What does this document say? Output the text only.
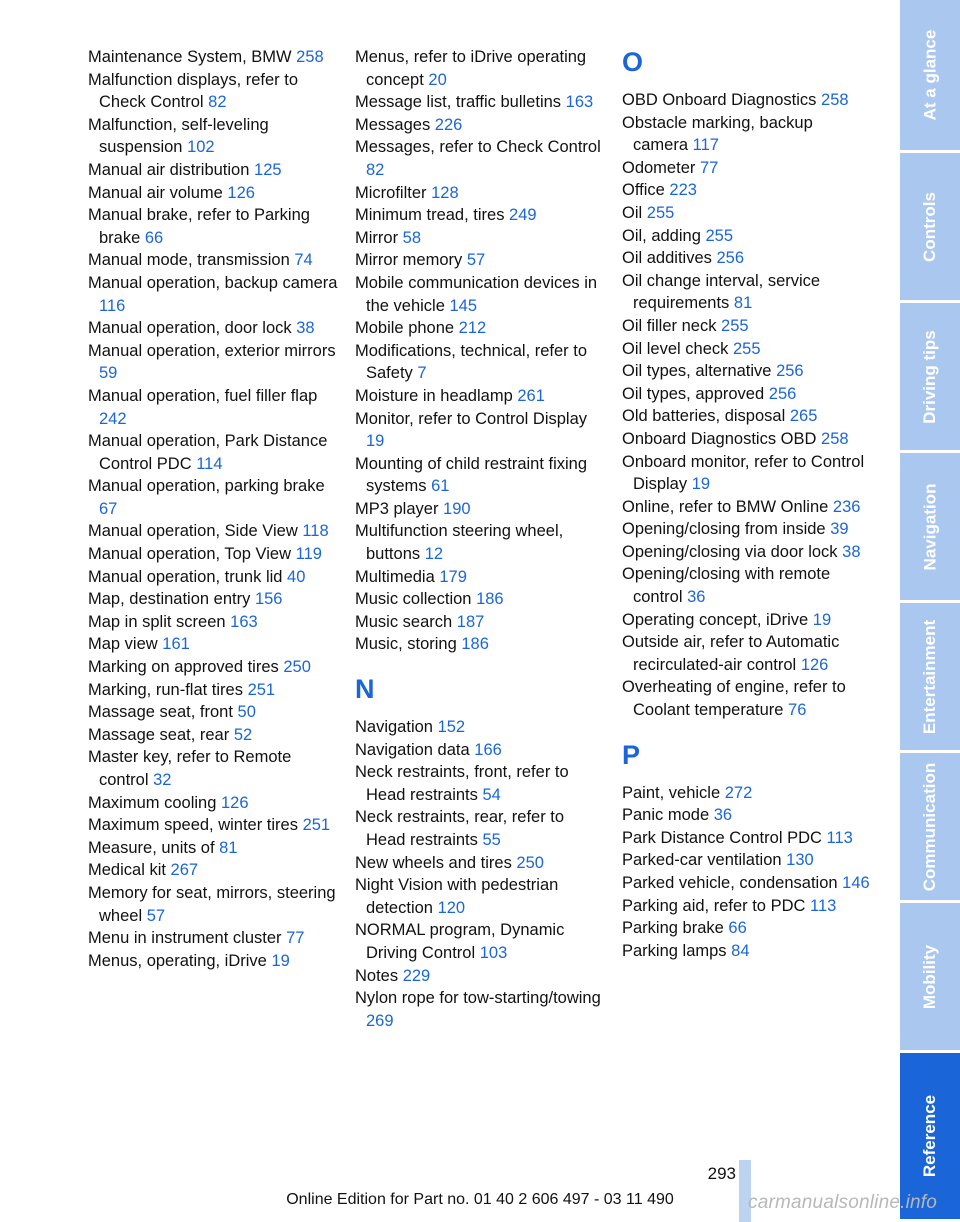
Maintenance System, BMW 258
Malfunction displays, refer to Check Control 82
Malfunction, self-leveling suspension 102
Manual air distribution 125
Manual air volume 126
Manual brake, refer to Parking brake 66
Manual mode, transmission 74
Manual operation, backup camera 116
Manual operation, door lock 38
Manual operation, exterior mirrors 59
Manual operation, fuel filler flap 242
Manual operation, Park Distance Control PDC 114
Manual operation, parking brake 67
Manual operation, Side View 118
Manual operation, Top View 119
Manual operation, trunk lid 40
Map, destination entry 156
Map in split screen 163
Map view 161
Marking on approved tires 250
Marking, run-flat tires 251
Massage seat, front 50
Massage seat, rear 52
Master key, refer to Remote control 32
Maximum cooling 126
Maximum speed, winter tires 251
Measure, units of 81
Medical kit 267
Memory for seat, mirrors, steering wheel 57
Menu in instrument cluster 77
Menus, operating, iDrive 19
Menus, refer to iDrive operating concept 20
Message list, traffic bulletins 163
Messages 226
Messages, refer to Check Control 82
Microfilter 128
Minimum tread, tires 249
Mirror 58
Mirror memory 57
Mobile communication devices in the vehicle 145
Mobile phone 212
Modifications, technical, refer to Safety 7
Moisture in headlamp 261
Monitor, refer to Control Display 19
Mounting of child restraint fixing systems 61
MP3 player 190
Multifunction steering wheel, buttons 12
Multimedia 179
Music collection 186
Music search 187
Music, storing 186
N
Navigation 152
Navigation data 166
Neck restraints, front, refer to Head restraints 54
Neck restraints, rear, refer to Head restraints 55
New wheels and tires 250
Night Vision with pedestrian detection 120
NORMAL program, Dynamic Driving Control 103
Notes 229
Nylon rope for tow-starting/towing 269
O
OBD Onboard Diagnostics 258
Obstacle marking, backup camera 117
Odometer 77
Office 223
Oil 255
Oil, adding 255
Oil additives 256
Oil change interval, service requirements 81
Oil filler neck 255
Oil level check 255
Oil types, alternative 256
Oil types, approved 256
Old batteries, disposal 265
Onboard Diagnostics OBD 258
Onboard monitor, refer to Control Display 19
Online, refer to BMW Online 236
Opening/closing from inside 39
Opening/closing via door lock 38
Opening/closing with remote control 36
Operating concept, iDrive 19
Outside air, refer to Automatic recirculated-air control 126
Overheating of engine, refer to Coolant temperature 76
P
Paint, vehicle 272
Panic mode 36
Park Distance Control PDC 113
Parked-car ventilation 130
Parked vehicle, condensation 146
Parking aid, refer to PDC 113
Parking brake 66
Parking lamps 84
At a glance
Controls
Driving tips
Navigation
Entertainment
Communication
Mobility
Reference
293
Online Edition for Part no. 01 40 2 606 497 - 03 11 490	carmanualsonline.info
